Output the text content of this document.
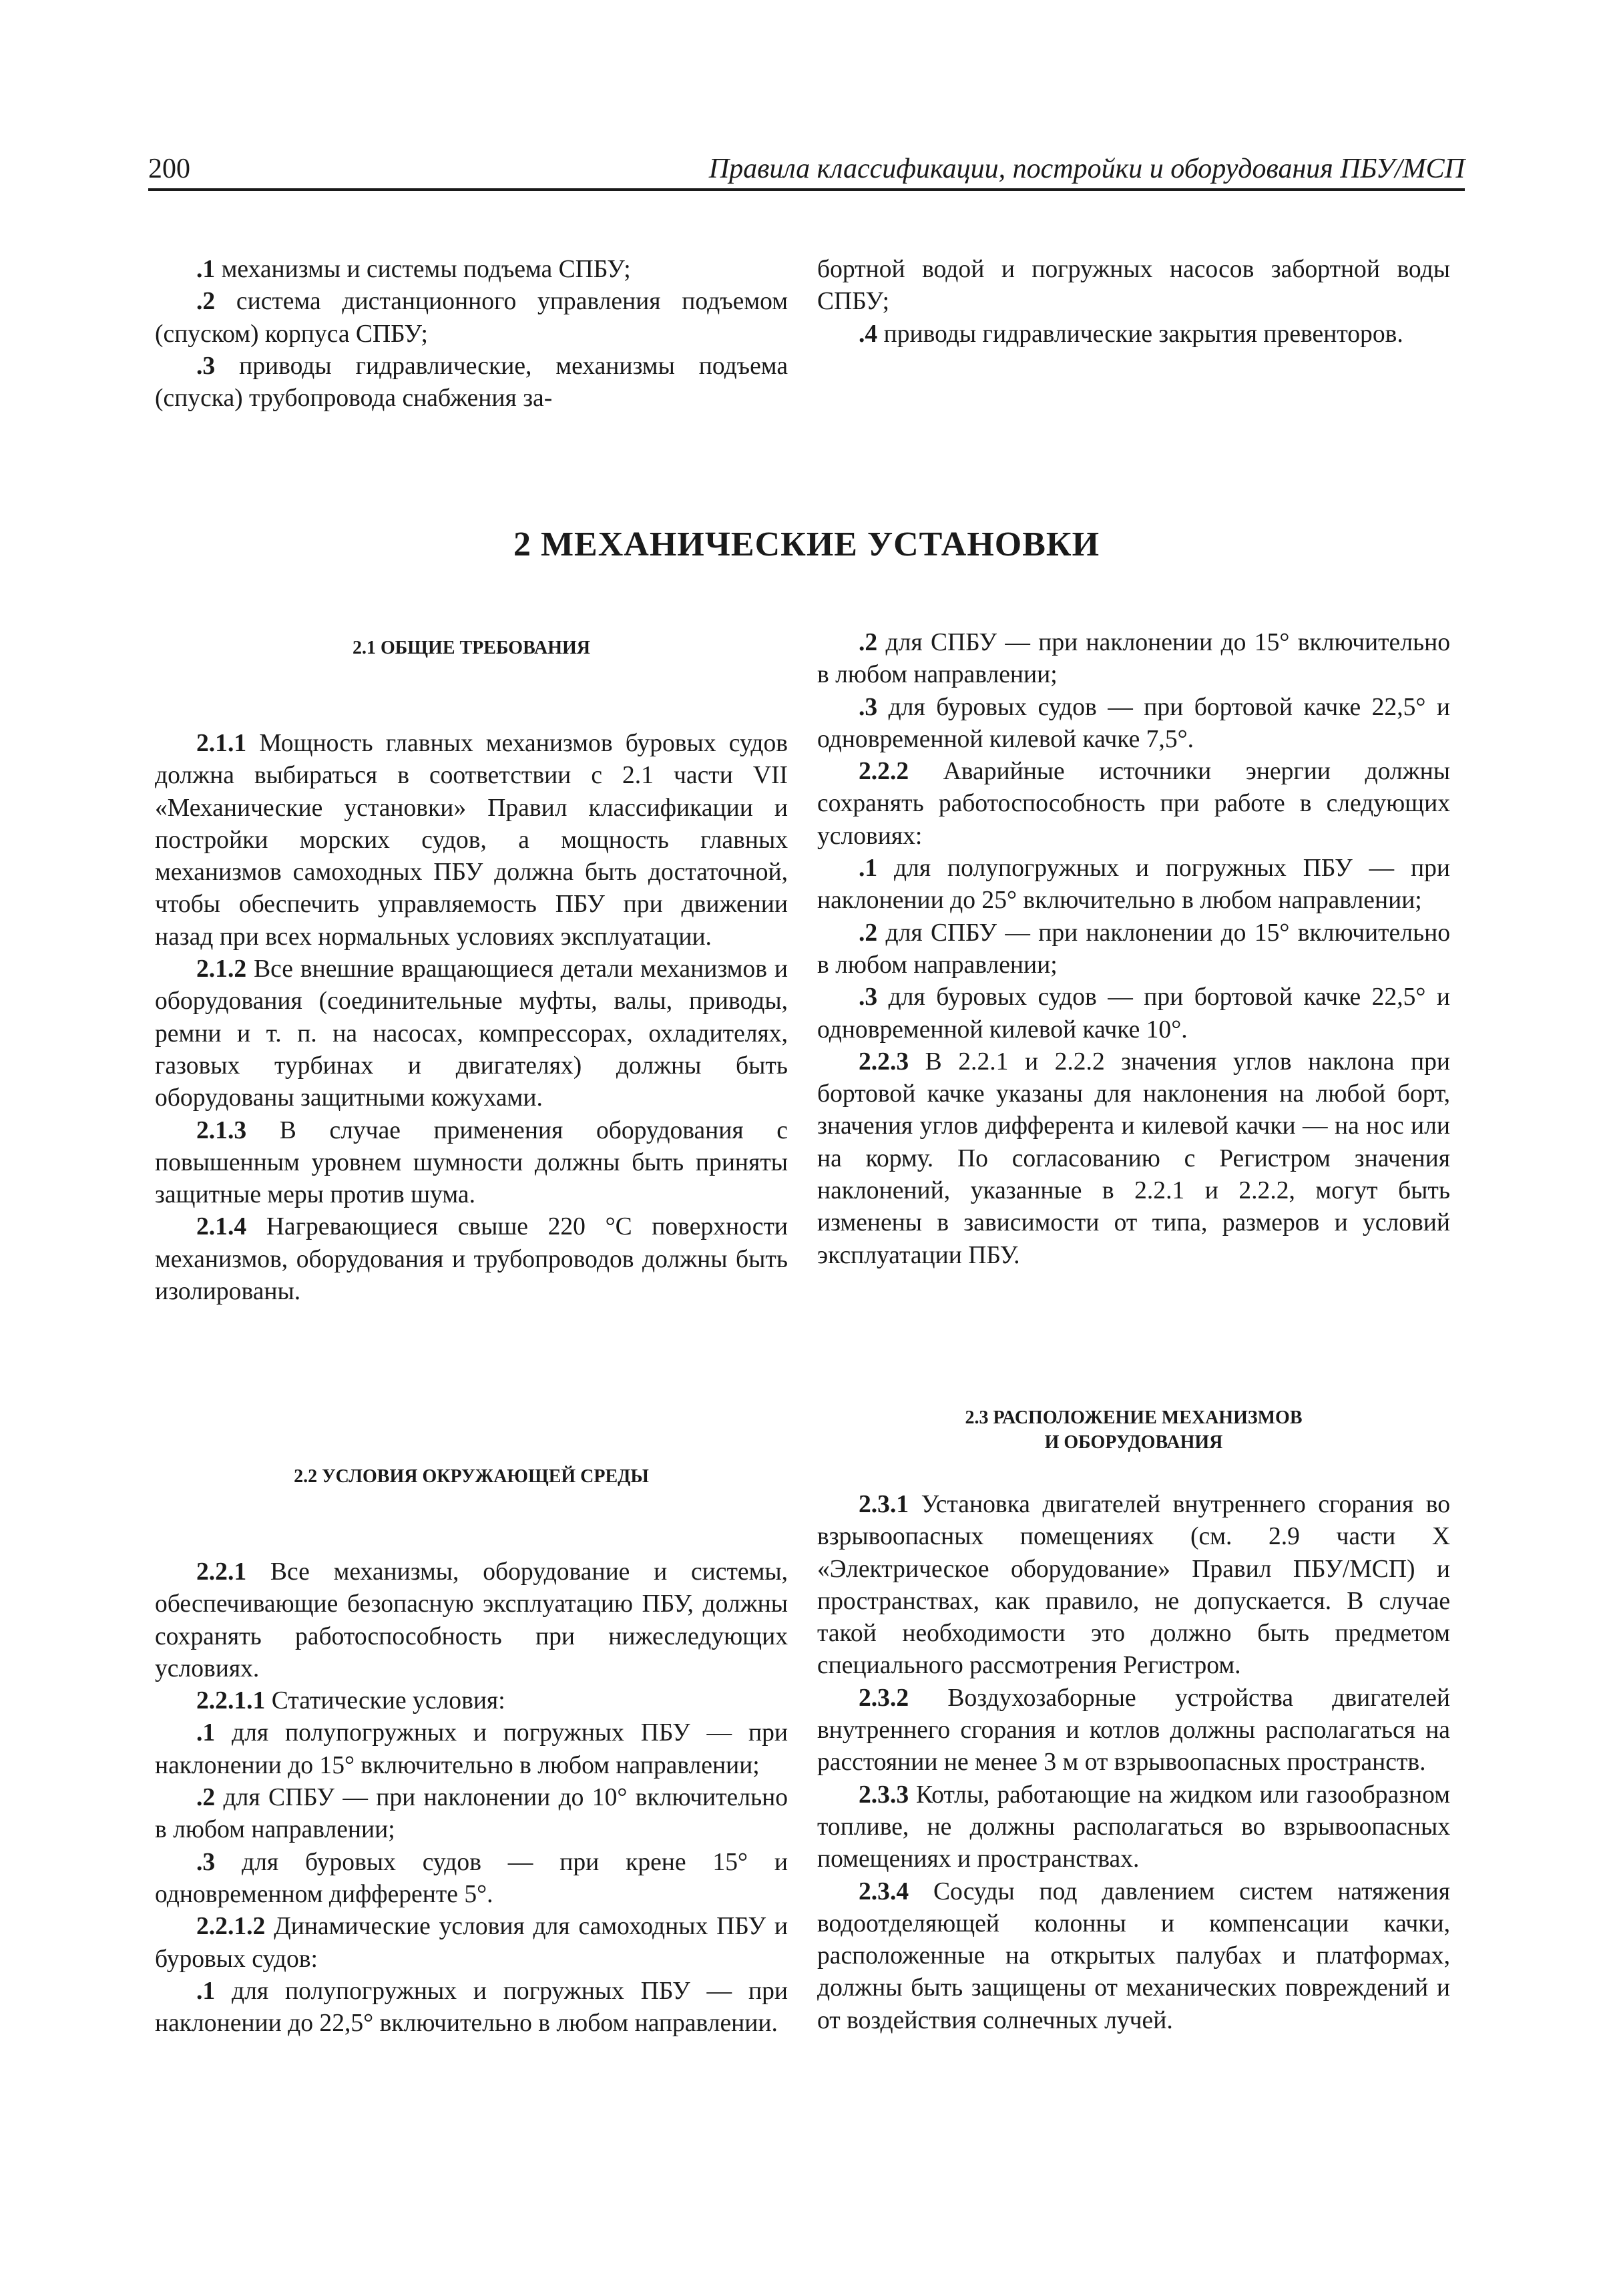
200	Правила классификации, постройки и оборудования ПБУ/МСП

.1 механизмы и системы подъема СПБУ;

.2 система дистанционного управления подъемом (спуском) корпуса СПБУ;

.3 приводы гидравлические, механизмы подъема (спуска) трубопровода снабжения за-

бортной водой и погружных насосов забортной воды СПБУ;

.4 приводы гидравлические закрытия превенторов.

2 МЕХАНИЧЕСКИЕ УСТАНОВКИ
2.1 ОБЩИЕ ТРЕБОВАНИЯ

2.1.1 Мощность главных механизмов буровых судов должна выбираться в соответствии с 2.1 части VII «Механические установки» Правил классификации и постройки морских судов, а мощность главных механизмов самоходных ПБУ должна быть достаточной, чтобы обеспечить управляемость ПБУ при движении назад при всех нормальных условиях эксплуатации.

2.1.2 Все внешние вращающиеся детали механизмов и оборудования (соединительные муфты, валы, приводы, ремни и т. п. на насосах, компрессорах, охладителях, газовых турбинах и двигателях) должны быть оборудованы защитными кожухами.

2.1.3 В случае применения оборудования с повышенным уровнем шумности должны быть приняты защитные меры против шума.

2.1.4 Нагревающиеся свыше 220 °С поверхности механизмов, оборудования и трубопроводов должны быть изолированы.

2.2 УСЛОВИЯ ОКРУЖАЮЩЕЙ СРЕДЫ

2.2.1 Все механизмы, оборудование и системы, обеспечивающие безопасную эксплуатацию ПБУ, должны сохранять работоспособность при нижеследующих условиях.

2.2.1.1 Статические условия:

.1 для полупогружных и погружных ПБУ — при наклонении до 15° включительно в любом направлении;

.2 для СПБУ — при наклонении до 10° включительно в любом направлении;

.3 для буровых судов — при крене 15° и одновременном дифференте 5°.

2.2.1.2 Динамические условия для самоходных ПБУ и буровых судов:

.1 для полупогружных и погружных ПБУ — при наклонении до 22,5° включительно в любом направлении.

.2 для СПБУ — при наклонении до 15° включительно в любом направлении;

.3 для буровых судов — при бортовой качке 22,5° и одновременной килевой качке 7,5°.

2.2.2 Аварийные источники энергии должны сохранять работоспособность при работе в следующих условиях:

.1 для полупогружных и погружных ПБУ — при наклонении до 25° включительно в любом направлении;

.2 для СПБУ — при наклонении до 15° включительно в любом направлении;

.3 для буровых судов — при бортовой качке 22,5° и одновременной килевой качке 10°.

2.2.3 В 2.2.1 и 2.2.2 значения углов наклона при бортовой качке указаны для наклонения на любой борт, значения углов дифферента и килевой качки — на нос или на корму. По согласованию с Регистром значения наклонений, указанные в 2.2.1 и 2.2.2, могут быть изменены в зависимости от типа, размеров и условий эксплуатации ПБУ.

2.3 РАСПОЛОЖЕНИЕ МЕХАНИЗМОВ
И ОБОРУДОВАНИЯ

2.3.1 Установка двигателей внутреннего сгорания во взрывоопасных помещениях (см. 2.9 части X «Электрическое оборудование» Правил ПБУ/МСП) и пространствах, как правило, не допускается. В случае такой необходимости это должно быть предметом специального рассмотрения Регистром.

2.3.2 Воздухозаборные устройства двигателей внутреннего сгорания и котлов должны располагаться на расстоянии не менее 3 м от взрывоопасных пространств.

2.3.3 Котлы, работающие на жидком или газообразном топливе, не должны располагаться во взрывоопасных помещениях и пространствах.

2.3.4 Сосуды под давлением систем натяжения водоотделяющей колонны и компенсации качки, расположенные на открытых палубах и платформах, должны быть защищены от механических повреждений и от воздействия солнечных лучей.
